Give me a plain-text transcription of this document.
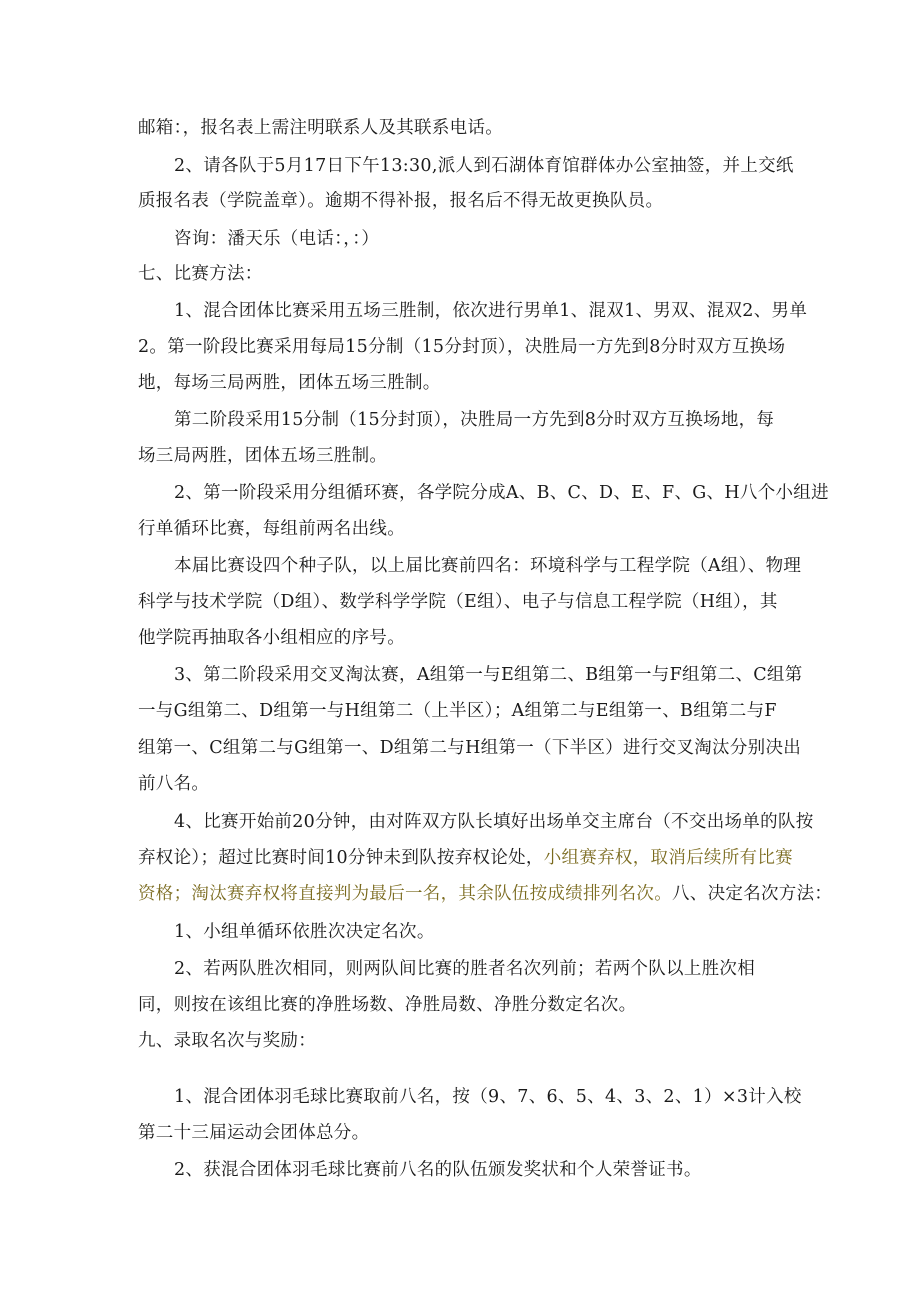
邮箱：，报名表上需注明联系人及其联系电话。
2、请各队于5月17日下午13:30,派人到石湖体育馆群体办公室抽签，并上交纸
质报名表（学院盖章）。逾期不得补报，报名后不得无故更换队员。
咨询：潘天乐（电话：，：）
七、比赛方法：
1、混合团体比赛采用五场三胜制，依次进行男单1、混双1、男双、混双2、男单
2。第一阶段比赛采用每局15分制（15分封顶），决胜局一方先到8分时双方互换场
地，每场三局两胜，团体五场三胜制。
第二阶段采用15分制（15分封顶），决胜局一方先到8分时双方互换场地，每
场三局两胜，团体五场三胜制。
2、第一阶段采用分组循环赛，各学院分成A、B、C、D、E、F、G、H八个小组进
行单循环比赛，每组前两名出线。
本届比赛设四个种子队，以上届比赛前四名：环境科学与工程学院（A组）、物理
科学与技术学院（D组）、数学科学学院（E组）、电子与信息工程学院（H组），其
他学院再抽取各小组相应的序号。
3、第二阶段采用交叉淘汰赛，A组第一与E组第二、B组第一与F组第二、C组第
一与G组第二、D组第一与H组第二（上半区）；A组第二与E组第一、B组第二与F
组第一、C组第二与G组第一、D组第二与H组第一（下半区）进行交叉淘汰分别决出
前八名。
4、比赛开始前20分钟，由对阵双方队长填好出场单交主席台（不交出场单的队按
弃权论）；超过比赛时间10分钟未到队按弃权论处，小组赛弃权，取消后续所有比赛
资格；淘汰赛弃权将直接判为最后一名，其余队伍按成绩排列名次。八、决定名次方法：
1、小组单循环依胜次决定名次。
2、若两队胜次相同，则两队间比赛的胜者名次列前；若两个队以上胜次相
同，则按在该组比赛的净胜场数、净胜局数、净胜分数定名次。
九、录取名次与奖励：
1、混合团体羽毛球比赛取前八名，按（9、7、6、5、4、3、2、1）×3计入校
第二十三届运动会团体总分。
2、获混合团体羽毛球比赛前八名的队伍颁发奖状和个人荣誉证书。
